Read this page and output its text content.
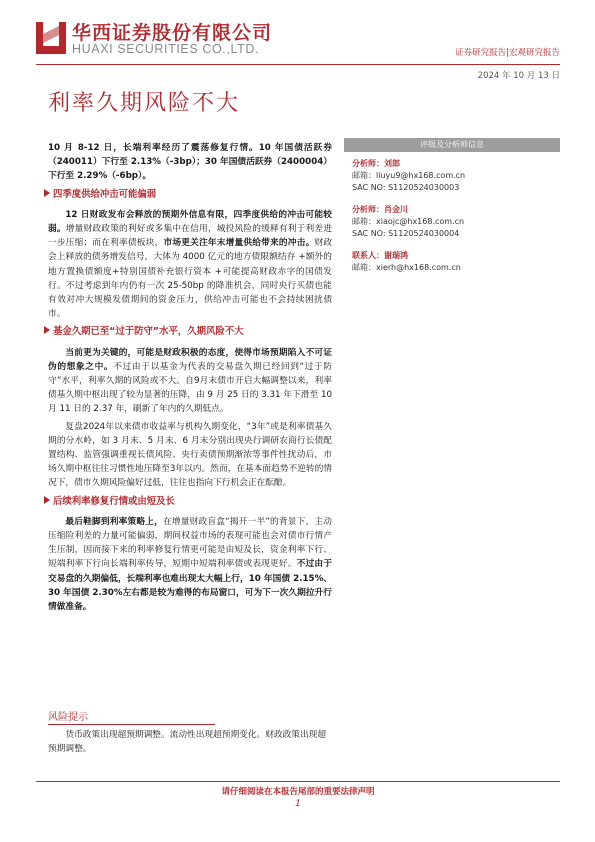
华西证券股份有限公司
HUAXI SECURITIES CO.,LTD.	证券研究报告|宏观研究报告
2024 年 10 月 13 日
利率久期风险不大

10 月 8-12 日，长端利率经历了震荡修复行情。10 年国债活跃券（240011）下行至 2.13%（-3bp）；30 年国债活跃券（2400004）下行至 2.29%（-6bp）。

四季度供给冲击可能偏弱

12 日财政发布会释放的预期外信息有限，四季度供给的冲击可能较弱。增量财政政策的利好或多集中在信用，城投风险的缓释有利于利差进一步压缩；而在利率债板块，市场更关注年末增量供给带来的冲击。财政会上释放的债务增发信号，大体为 4000 亿元的地方债限额结存 +额外的地方置换债额度+特别国债补充银行资本 +可能提高财政赤字的国债发行。不过考虑到年内仍有一次 25-50bp 的降准机会，同时央行买债也能有效对冲大规模发债期间的资金压力，供给冲击可能也不会持续困扰债市。

基金久期已至“过于防守”水平，久期风险不大

当前更为关键的，可能是财政积极的态度，使得市场预期陷入不可证伪的想象之中。不过由于以基金为代表的交易盘久期已经回到“过于防守”水平，利率久期的风险或不大。自9月末债市开启大幅调整以来，利率债基久期中枢出现了较为显著的压降，由 9 月 25 日的 3.31 年下滑至 10 月 11 日的 2.37 年，刷新了年内的久期低点。

复盘2024年以来债市收益率与机构久期变化，“3年”或是利率债基久期的分水岭，如 3 月末、5 月末、6 月末分别出现央行调研农商行长债配置结构、监管强调重视长债风险、央行卖债预期渐浓等事件性扰动后，市场久期中枢往往习惯性地压降至3年以内。然而，在基本面趋势不逆转的情况下，债市久期风险偏好过低，往往也指向下行机会正在酝酿。

后续利率修复行情或由短及长

最后鞋脚到利率策略上，在增量财政盲盒“揭开一半”的背景下，主动压缩险利差的力量可能偏弱，期间权益市场的表现可能也会对债市行情产生压制，因而接下来的利率修复行情更可能是由短及长，资金利率下行、短端利率下行向长端利率传导，短期中短端利率债或表现更好。不过由于交易盘的久期偏低，长端利率也难出现太大幅上行，10 年国债 2.15%、30 年国债 2.30%左右都是较为难得的布局窗口，可为下一次久期拉升行情做准备。

评级及分析师信息
分析师：刘郎
邮箱：liuyu9@hx168.com.cn
SAC NO: S1120524030003
分析师：肖金川
邮箱：xiaojc@hx168.com.cn
SAC NO: S1120524030004
联系人：谢瑞鸿
邮箱：xierh@hx168.com.cn
风险提示
货币政策出现超预期调整。流动性出现超预期变化。财政政策出现超预期调整。
请仔细阅读在本报告尾部的重要法律声明
1
